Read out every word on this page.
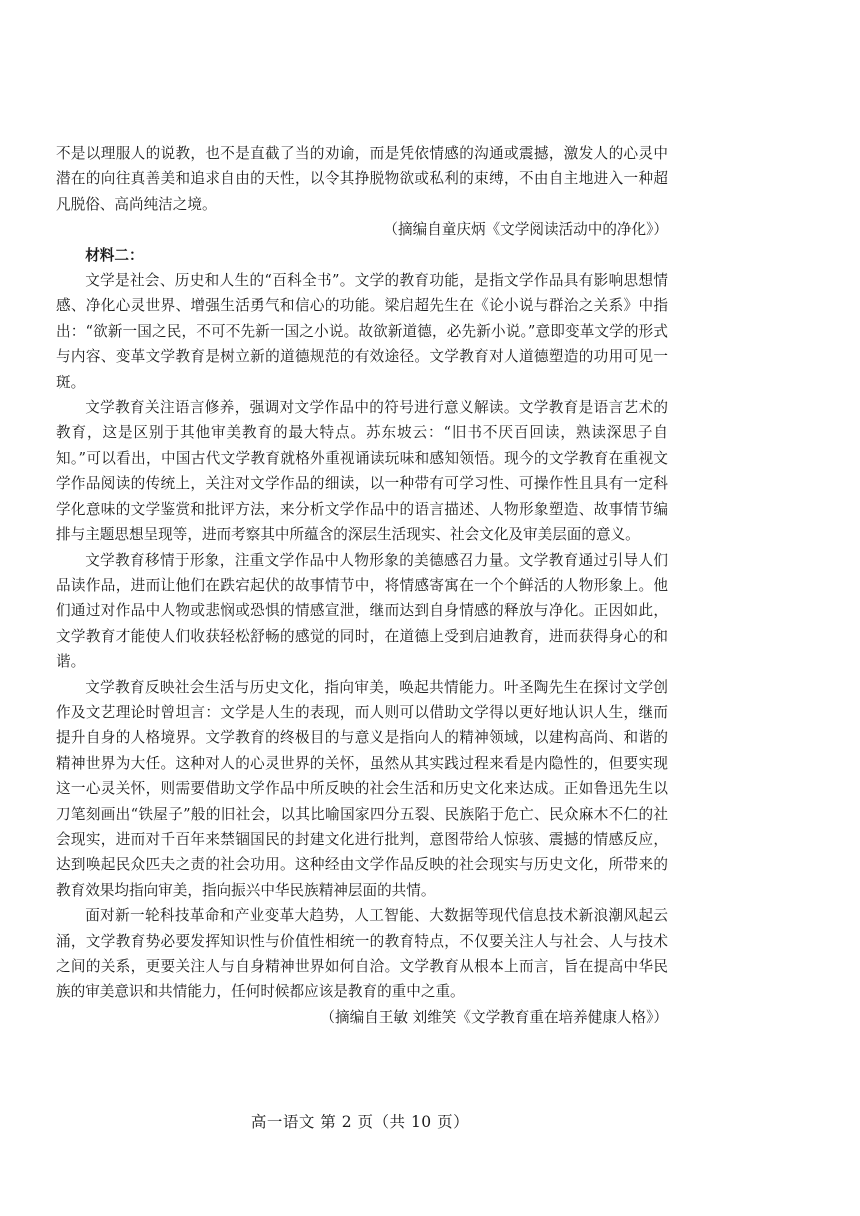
不是以理服人的说教，也不是直截了当的劝谕，而是凭依情感的沟通或震撼，激发人的心灵中潜在的向往真善美和追求自由的天性，以令其挣脱物欲或私利的束缚，不由自主地进入一种超凡脱俗、高尚纯洁之境。

（摘编自童庆炳《文学阅读活动中的净化》）

材料二：

文学是社会、历史和人生的“百科全书”。文学的教育功能，是指文学作品具有影响思想情感、净化心灵世界、增强生活勇气和信心的功能。梁启超先生在《论小说与群治之关系》中指出：“欲新一国之民，不可不先新一国之小说。故欲新道德，必先新小说。”意即变革文学的形式与内容、变革文学教育是树立新的道德规范的有效途径。文学教育对人道德塑造的功用可见一斑。

文学教育关注语言修养，强调对文学作品中的符号进行意义解读。文学教育是语言艺术的教育，这是区别于其他审美教育的最大特点。苏东坡云：“旧书不厌百回读，熟读深思子自知。”可以看出，中国古代文学教育就格外重视诵读玩味和感知领悟。现今的文学教育在重视文学作品阅读的传统上，关注对文学作品的细读，以一种带有可学习性、可操作性且具有一定科学化意味的文学鉴赏和批评方法，来分析文学作品中的语言描述、人物形象塑造、故事情节编排与主题思想呈现等，进而考察其中所蕴含的深层生活现实、社会文化及审美层面的意义。

文学教育移情于形象，注重文学作品中人物形象的美德感召力量。文学教育通过引导人们品读作品，进而让他们在跌宕起伏的故事情节中，将情感寄寓在一个个鲜活的人物形象上。他们通过对作品中人物或悲悯或恐惧的情感宣泄，继而达到自身情感的释放与净化。正因如此，文学教育才能使人们收获轻松舒畅的感觉的同时，在道德上受到启迪教育，进而获得身心的和谐。

文学教育反映社会生活与历史文化，指向审美，唤起共情能力。叶圣陶先生在探讨文学创作及文艺理论时曾坦言：文学是人生的表现，而人则可以借助文学得以更好地认识人生，继而提升自身的人格境界。文学教育的终极目的与意义是指向人的精神领域，以建构高尚、和谐的精神世界为大任。这种对人的心灵世界的关怀，虽然从其实践过程来看是内隐性的，但要实现这一心灵关怀，则需要借助文学作品中所反映的社会生活和历史文化来达成。正如鲁迅先生以刀笔刻画出“铁屋子”般的旧社会，以其比喻国家四分五裂、民族陷于危亡、民众麻木不仁的社会现实，进而对千百年来禁锢国民的封建文化进行批判，意图带给人惊骇、震撼的情感反应，达到唤起民众匹夫之责的社会功用。这种经由文学作品反映的社会现实与历史文化，所带来的教育效果均指向审美，指向振兴中华民族精神层面的共情。

面对新一轮科技革命和产业变革大趋势，人工智能、大数据等现代信息技术新浪潮风起云涌，文学教育势必要发挥知识性与价值性相统一的教育特点，不仅要关注人与社会、人与技术之间的关系，更要关注人与自身精神世界如何自洽。文学教育从根本上而言，旨在提高中华民族的审美意识和共情能力，任何时候都应该是教育的重中之重。

（摘编自王敏 刘维笑《文学教育重在培养健康人格》）

高一语文 第 2 页（共 10 页）
